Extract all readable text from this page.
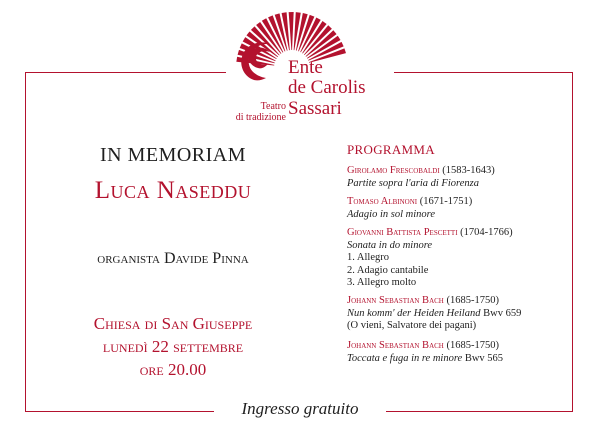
Ente
de Carolis
Sassari
Teatro
di tradizione
IN MEMORIAM
Luca Naseddu
organista Davide Pinna
Chiesa di San Giuseppe
lunedì 22 settembre
ore 20.00
PROGRAMMA
Girolamo Frescobaldi (1583-1643)
Partite sopra l'aria di Fiorenza
Tomaso Albinoni (1671-1751)
Adagio in sol minore
Giovanni Battista Pescetti (1704-1766)
Sonata in do minore
1. Allegro
2. Adagio cantabile
3. Allegro molto
Johann Sebastian Bach (1685-1750)
Nun komm' der Heiden Heiland Bwv 659
(O vieni, Salvatore dei pagani)
Johann Sebastian Bach (1685-1750)
Toccata e fuga in re minore Bwv 565
Ingresso gratuito
